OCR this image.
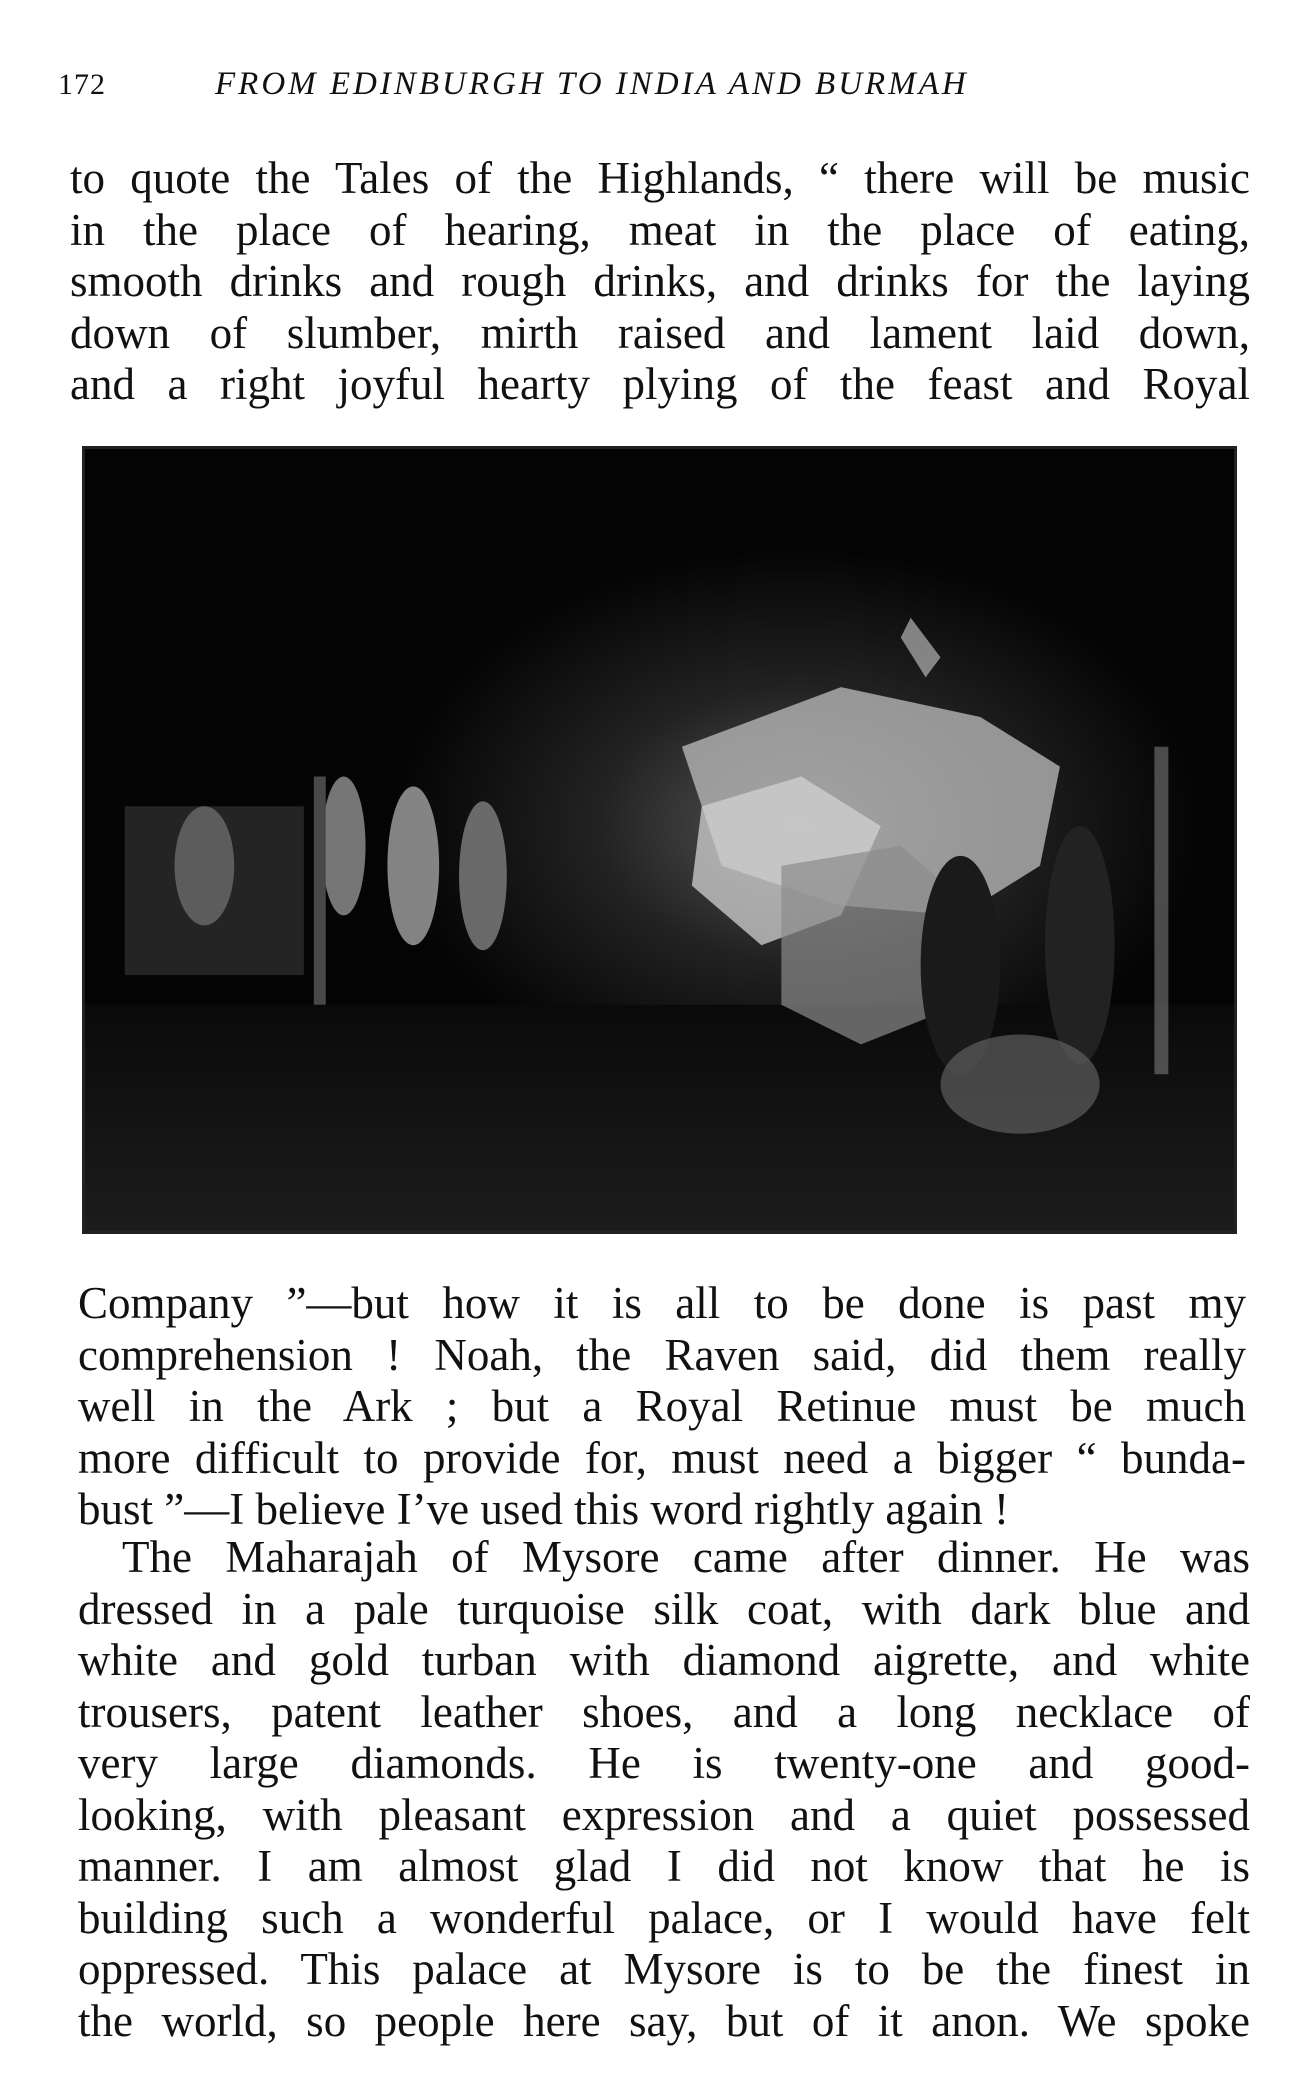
172	FROM EDINBURGH TO INDIA AND BURMAH
to quote the Tales of the Highlands, “ there will be music
in the place of hearing, meat in the place of eating,
smooth drinks and rough drinks, and drinks for the laying
down of slumber, mirth raised and lament laid down,
and a right joyful hearty plying of the feast and Royal
Company ”—but how it is all to be done is past my
comprehension ! Noah, the Raven said, did them really
well in the Ark ; but a Royal Retinue must be much
more difficult to provide for, must need a bigger “ bunda-
bust ”—I believe I’ve used this word rightly again !
The Maharajah of Mysore came after dinner. He was
dressed in a pale turquoise silk coat, with dark blue and
white and gold turban with diamond aigrette, and white
trousers, patent leather shoes, and a long necklace of
very large diamonds. He is twenty-one and good-
looking, with pleasant expression and a quiet possessed
manner. I am almost glad I did not know that he is
building such a wonderful palace, or I would have felt
oppressed. This palace at Mysore is to be the finest in
the world, so people here say, but of it anon. We spoke
